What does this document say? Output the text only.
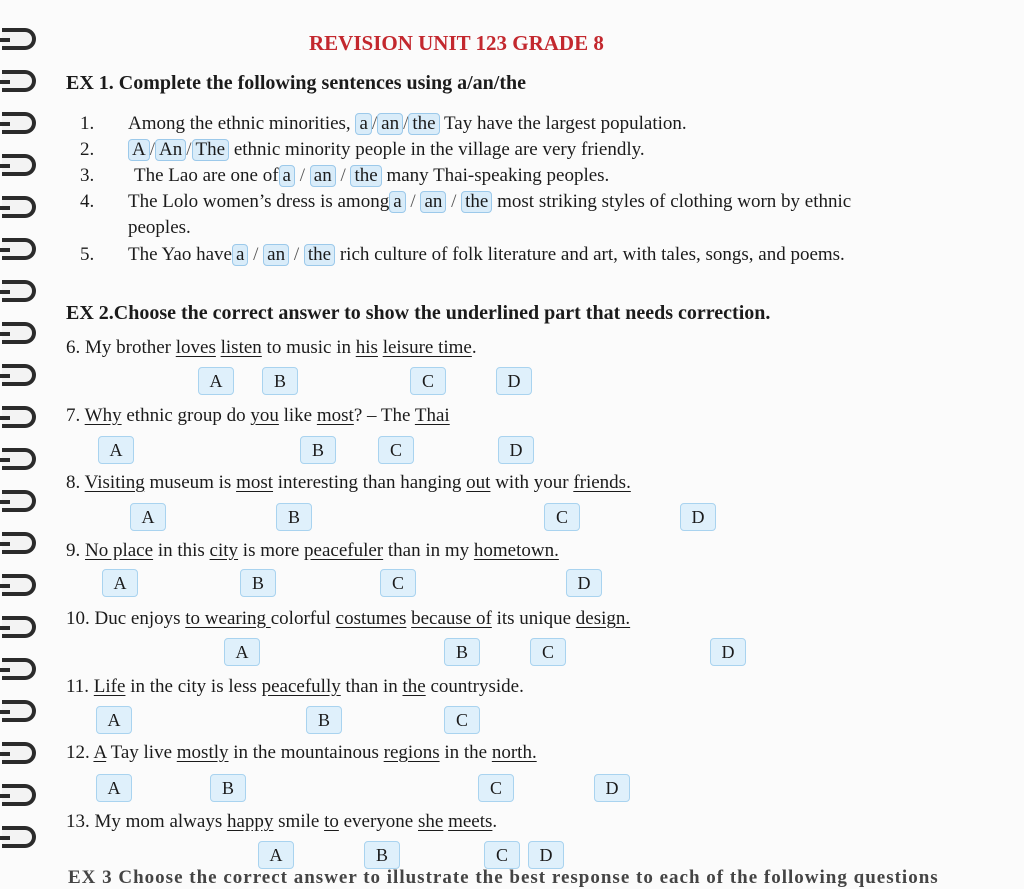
REVISION UNIT 123 GRADE 8
EX 1. Complete the following sentences using a/an/the
1. Among the ethnic minorities, a / an / the Tay have the largest population.
2. A / An / The ethnic minority people in the village are very friendly.
3. The Lao are one of a / an / the many Thai-speaking peoples.
4. The Lolo women’s dress is among a / an / the most striking styles of clothing worn by ethnic
peoples.
5. The Yao have a / an / the rich culture of folk literature and art, with tales, songs, and poems.
EX 2.Choose the correct answer to show the underlined part that needs correction.
6. My brother loves listen to music in his leisure time.
A	B	C	D
7. Why ethnic group do you like most? – The Thai
A	B	C	D
8. Visiting museum is most interesting than hanging out with your friends.
A	B	C	D
9. No place in this city is more peacefuler than in my hometown.
A	B	C	D
10. Duc enjoys to wearing colorful costumes because of its unique design.
A	B	C	D
11. Life in the city is less peacefully than in the countryside.
A	B	C
12. A Tay live mostly in the mountainous regions in the north.
A	B	C	D
13. My mom always happy smile to everyone she meets.
A	B	C	D
EX 3 Choose the correct answer to illustrate the best response to each of the following questions
